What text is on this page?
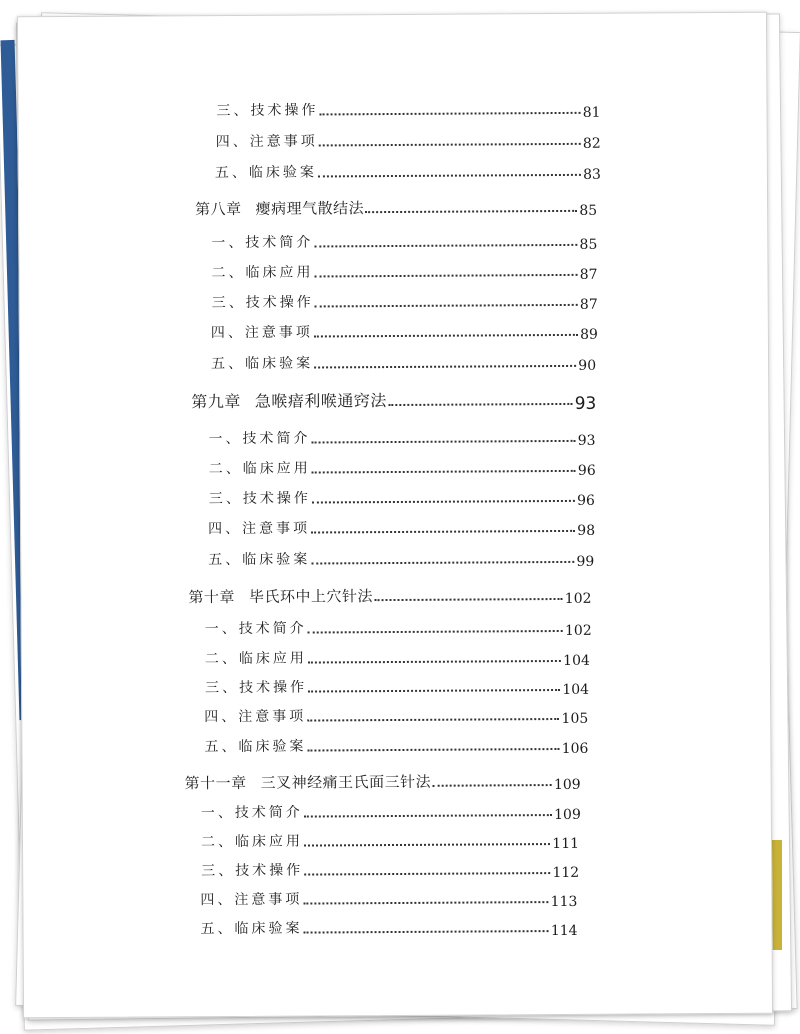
三、技术操作	81
四、注意事项	82
五、临床验案	83
第八章 瘿病理气散结法	85
一、技术简介	85
二、临床应用	87
三、技术操作	87
四、注意事项	89
五、临床验案	90
第九章 急喉瘖利喉通窍法	93
一、技术简介	93
二、临床应用	96
三、技术操作	96
四、注意事项	98
五、临床验案	99
第十章 毕氏环中上穴针法	102
一、技术简介	102
二、临床应用	104
三、技术操作	104
四、注意事项	105
五、临床验案	106
第十一章 三叉神经痛王氏面三针法	109
一、技术简介	109
二、临床应用	111
三、技术操作	112
四、注意事项	113
五、临床验案	114
